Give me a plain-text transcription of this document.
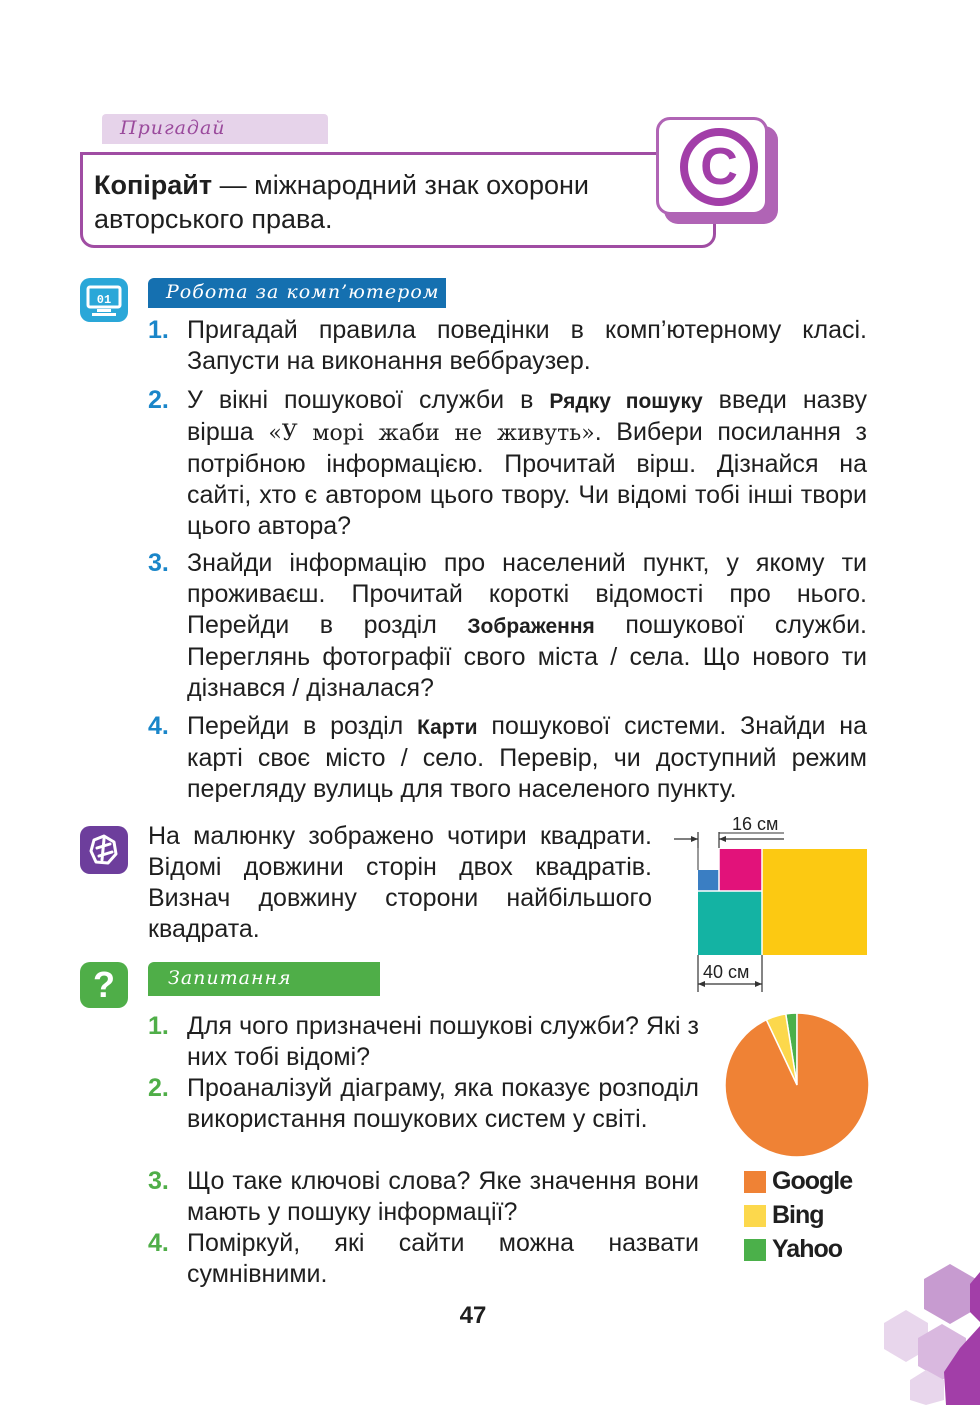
Пригадай
Копірайт — міжнародний знак охорони авторського права.
C
01	Робота за комп’ютером
1. Пригадай правила поведінки в комп’ютерному класі. Запусти на виконання веббраузер.
2. У вікні пошукової служби в Рядку пошуку введи назву вірша «У морі жаби не живуть». Вибери посилання з потрібною інформацією. Прочитай вірш. Дізнайся на сайті, хто є автором цього твору. Чи відомі тобі інші твори цього автора?
3. Знайди інформацію про населений пункт, у якому ти проживаєш. Прочитай короткі відомості про нього. Перейди в розділ Зображення пошукової служби. Переглянь фотографії свого міста / села. Що нового ти дізнався / дізналася?
4. Перейди в розділ Карти пошукової системи. Знайди на карті своє місто / село. Перевір, чи доступний режим перегляду вулиць для твого населеного пункту.
На малюнку зображено чотири квадрати. Відомі довжини сторін двох квадратів. Визнач довжину сторони найбільшого квадрата.
16 см
40 см
?	Запитання
1. Для чого призначені пошукові служби? Які з них тобі відомі?
2. Проаналізуй діаграму, яка показує розподіл використання пошукових систем у світі.
3. Що таке ключові слова? Яке значення вони мають у пошуку інформації?
4. Поміркуй, які сайти можна назвати сумнівними.
Google
Bing
Yahoo
47
